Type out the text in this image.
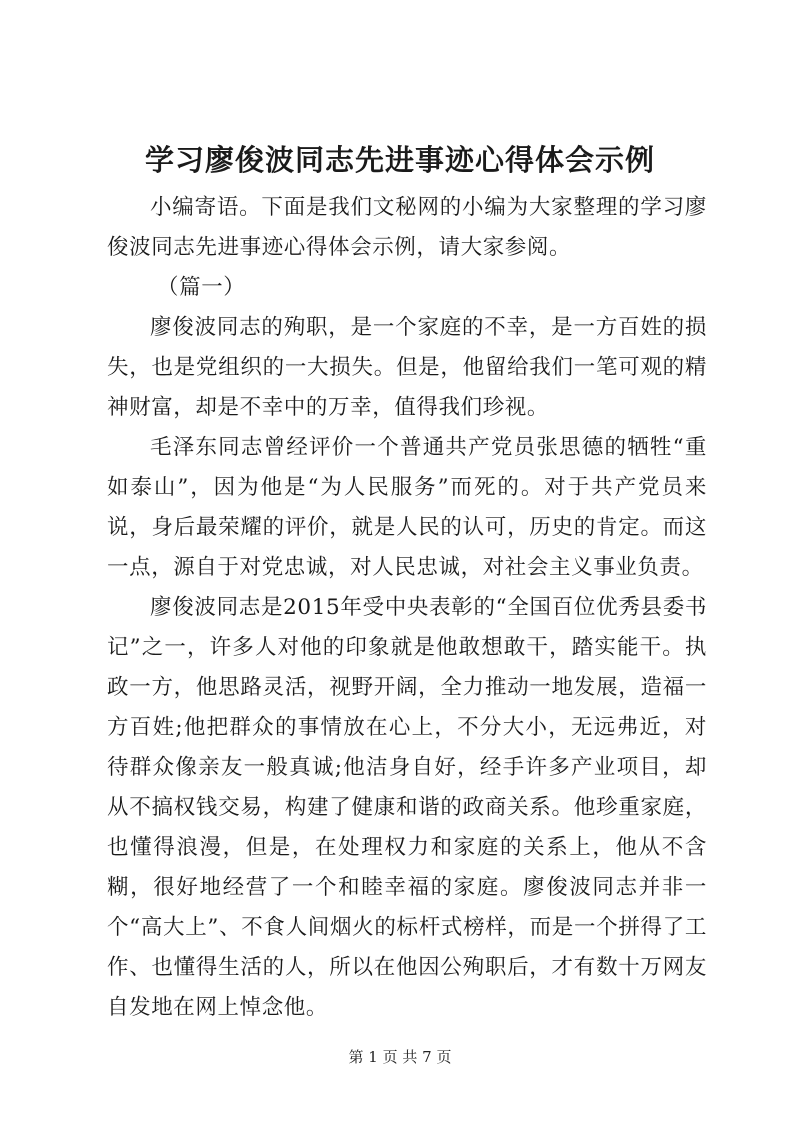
学习廖俊波同志先进事迹心得体会示例

小编寄语。下面是我们文秘网的小编为大家整理的学习廖俊波同志先进事迹心得体会示例，请大家参阅。

（篇一）

廖俊波同志的殉职，是一个家庭的不幸，是一方百姓的损失，也是党组织的一大损失。但是，他留给我们一笔可观的精神财富，却是不幸中的万幸，值得我们珍视。

毛泽东同志曾经评价一个普通共产党员张思德的牺牲“重如泰山”，因为他是“为人民服务”而死的。对于共产党员来说，身后最荣耀的评价，就是人民的认可，历史的肯定。而这一点，源自于对党忠诚，对人民忠诚，对社会主义事业负责。

廖俊波同志是2015年受中央表彰的“全国百位优秀县委书记”之一，许多人对他的印象就是他敢想敢干，踏实能干。执政一方，他思路灵活，视野开阔，全力推动一地发展，造福一方百姓;他把群众的事情放在心上，不分大小，无远弗近，对待群众像亲友一般真诚;他洁身自好，经手许多产业项目，却从不搞权钱交易，构建了健康和谐的政商关系。他珍重家庭，也懂得浪漫，但是，在处理权力和家庭的关系上，他从不含糊，很好地经营了一个和睦幸福的家庭。廖俊波同志并非一个“高大上”、不食人间烟火的标杆式榜样，而是一个拼得了工作、也懂得生活的人，所以在他因公殉职后，才有数十万网友自发地在网上悼念他。

第 1 页 共 7 页
